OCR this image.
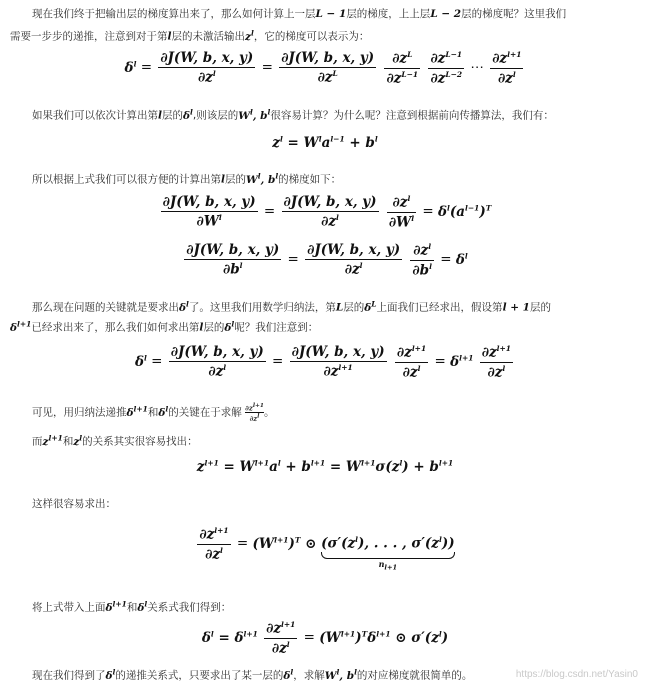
现在我们终于把输出层的梯度算出来了，那么如何计算上一层L − 1层的梯度，上上层L − 2层的梯度呢？这里我们
需要一步步的递推，注意到对于第l层的未激活输出$z^l$，它的梯度可以表示为：
$\delta^l = \frac{\partial J(W, b, x, y)}{\partial z^l} = \frac{\partial J(W, b, x, y)}{\partial z^L}$
$\frac{\partial z^L}{\partial z^{L-1}}$
$\frac{\partial z^{L-1}}{\partial z^{L-2}}$ ⋯ $\frac{\partial z^{l+1}}{\partial z^l}$
如果我们可以依次计算出第l层的$\delta^l$,则该层的$W^l$, $b^l$很容易计算？为什么呢？注意到根据前向传播算法，我们有：
$z^l = W^la^{l-1} + b^l$
所以根据上式我们可以很方便的计算出第l层的$W^l$, $b^l$的梯度如下：
$\frac{\partial J(W, b, x, y)}{\partial W^l} = \frac{\partial J(W, b, x, y)}{\partial z^l}$
$\frac{\partial z^l}{\partial W^l} = \delta^l(a^{l-1})^T$
$\frac{\partial J(W, b, x, y)}{\partial b^l} = \frac{\partial J(W, b, x, y)}{\partial z^l}$
$\frac{\partial z^l}{\partial b^l} = \delta^l$
那么现在问题的关键就是要求出$\delta^l$了。这里我们用数学归纳法，第L层的$\delta^L$上面我们已经求出，假设第l + 1层的
$\delta^{l+1}$已经求出来了，那么我们如何求出第l层的$\delta^l$呢？我们注意到：
$\delta^l = \frac{\partial J(W, b, x, y)}{\partial z^l} = \frac{\partial J(W, b, x, y)}{\partial z^{l+1}}$
$\frac{\partial z^{l+1}}{\partial z^l} = \delta^{l+1} \frac{\partial z^{l+1}}{\partial z^l}$
可见，用归纳法递推$\delta^{l+1}$和$\delta^l$的关键在于求解 $\frac{\partial z^{l+1}}{\partial z^l}$。
而$z^{l+1}$和$z^l$的关系其实很容易找出：
$z^{l+1} = W^{l+1}a^l + b^{l+1} = W^{l+1}\sigma(z^l) + b^{l+1}$
这样很容易求出：
$\frac{\partial z^{l+1}}{\partial z^l} = (W^{l+1})^T$ ⊙ ($\sigma'(z^l)$, . . . , $\sigma'(z^l)$)
$n_{l+1}$
将上式带入上面$\delta^{l+1}$和$\delta^l$关系式我们得到：
$\delta^l = \delta^{l+1} \frac{\partial z^{l+1}}{\partial z^l} = (W^{l+1})^T\delta^{l+1}$ ⊙ $\sigma'(z^l)$
现在我们得到了$\delta^l$的递推关系式，只要求出了某一层的$\delta^l$，求解$W^l$, $b^l$的对应梯度就很简单的。	https://blog.csdn.net/Yasin0
